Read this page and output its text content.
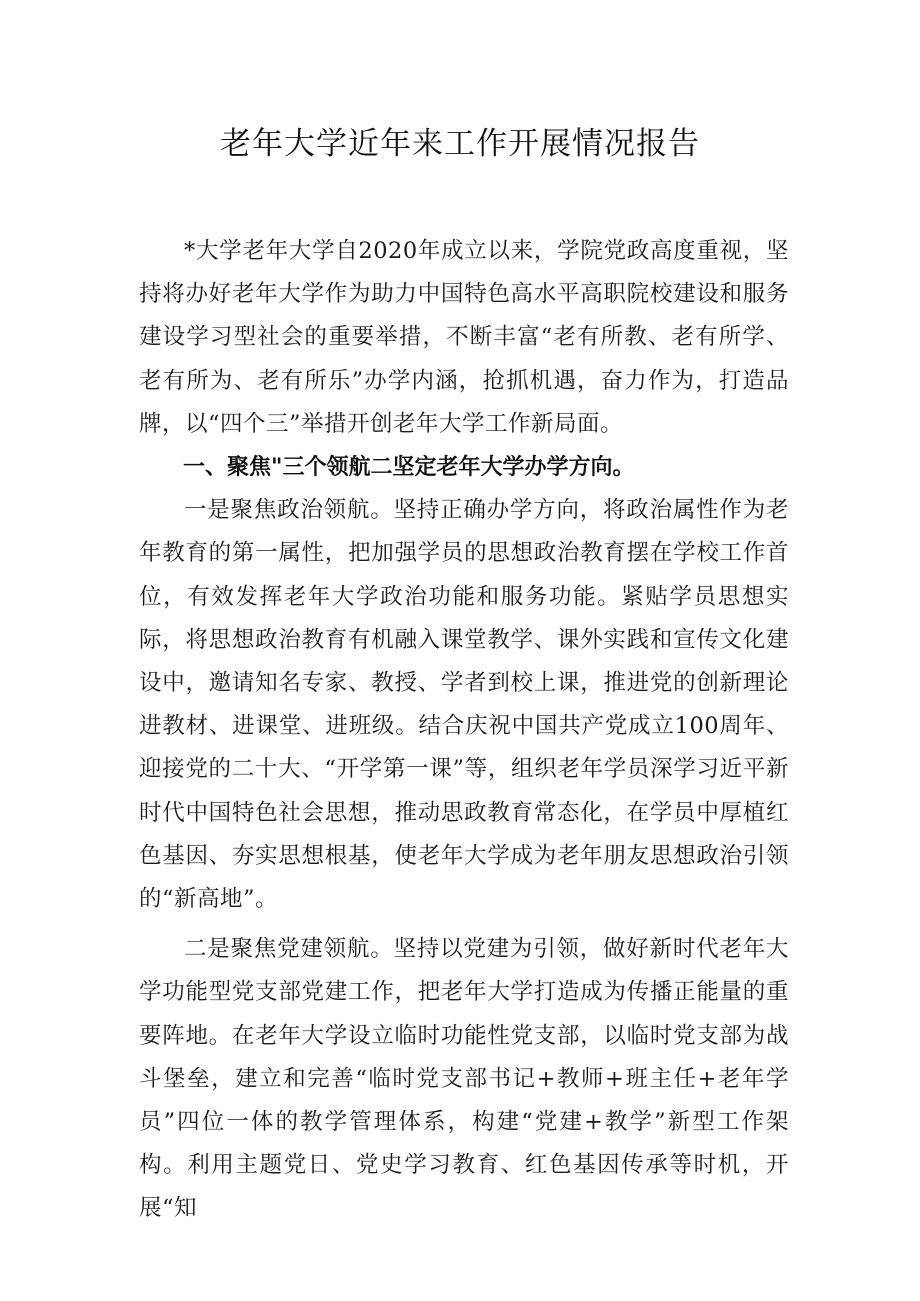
老年大学近年来工作开展情况报告

*大学老年大学自2020年成立以来，学院党政高度重视，坚持将办好老年大学作为助力中国特色高水平高职院校建设和服务建设学习型社会的重要举措，不断丰富“老有所教、老有所学、老有所为、老有所乐”办学内涵，抢抓机遇，奋力作为，打造品牌，以“四个三”举措开创老年大学工作新局面。

一、聚焦"三个领航二坚定老年大学办学方向。

一是聚焦政治领航。坚持正确办学方向，将政治属性作为老年教育的第一属性，把加强学员的思想政治教育摆在学校工作首位，有效发挥老年大学政治功能和服务功能。紧贴学员思想实际，将思想政治教育有机融入课堂教学、课外实践和宣传文化建设中，邀请知名专家、教授、学者到校上课，推进党的创新理论进教材、进课堂、进班级。结合庆祝中国共产党成立100周年、迎接党的二十大、“开学第一课”等，组织老年学员深学习近平新时代中国特色社会思想，推动思政教育常态化，在学员中厚植红色基因、夯实思想根基，使老年大学成为老年朋友思想政治引领的“新高地”。

二是聚焦党建领航。坚持以党建为引领，做好新时代老年大学功能型党支部党建工作，把老年大学打造成为传播正能量的重要阵地。在老年大学设立临时功能性党支部，以临时党支部为战斗堡垒，建立和完善“临时党支部书记+教师+班主任+老年学员”四位一体的教学管理体系，构建“党建+教学”新型工作架构。利用主题党日、党史学习教育、红色基因传承等时机，开展“知
